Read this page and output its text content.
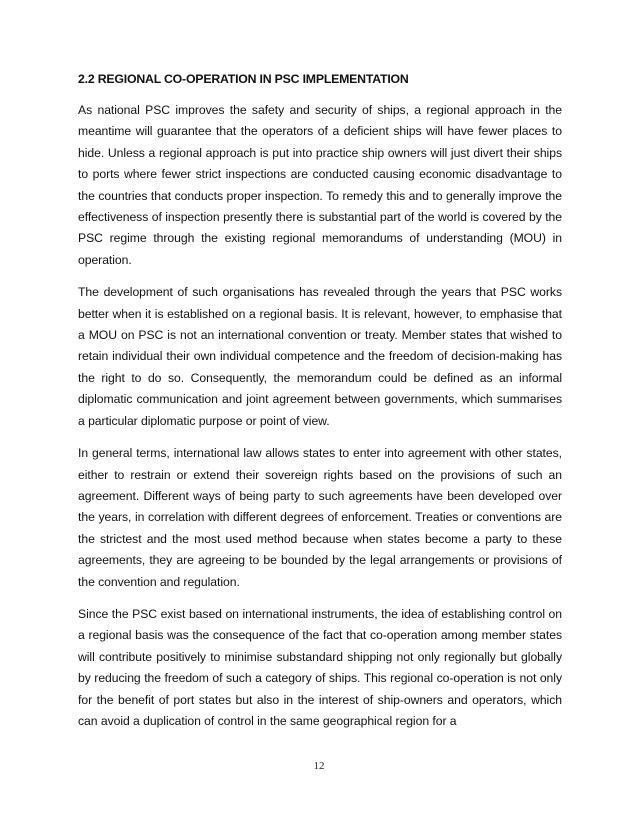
2.2 REGIONAL CO-OPERATION IN PSC IMPLEMENTATION

As national PSC improves the safety and security of ships, a regional approach in the meantime will guarantee that the operators of a deficient ships will have fewer places to hide. Unless a regional approach is put into practice ship owners will just divert their ships to ports where fewer strict inspections are conducted causing economic disadvantage to the countries that conducts proper inspection. To remedy this and to generally improve the effectiveness of inspection presently there is substantial part of the world is covered by the PSC regime through the existing regional memorandums of understanding (MOU) in operation.

The development of such organisations has revealed through the years that PSC works better when it is established on a regional basis. It is relevant, however, to emphasise that a MOU on PSC is not an international convention or treaty. Member states that wished to retain individual their own individual competence and the freedom of decision-making has the right to do so. Consequently, the memorandum could be defined as an informal diplomatic communication and joint agreement between governments, which summarises a particular diplomatic purpose or point of view.

In general terms, international law allows states to enter into agreement with other states, either to restrain or extend their sovereign rights based on the provisions of such an agreement. Different ways of being party to such agreements have been developed over the years, in correlation with different degrees of enforcement. Treaties or conventions are the strictest and the most used method because when states become a party to these agreements, they are agreeing to be bounded by the legal arrangements or provisions of the convention and regulation.

Since the PSC exist based on international instruments, the idea of establishing control on a regional basis was the consequence of the fact that co-operation among member states will contribute positively to minimise substandard shipping not only regionally but globally by reducing the freedom of such a category of ships. This regional co-operation is not only for the benefit of port states but also in the interest of ship-owners and operators, which can avoid a duplication of control in the same geographical region for a

12
